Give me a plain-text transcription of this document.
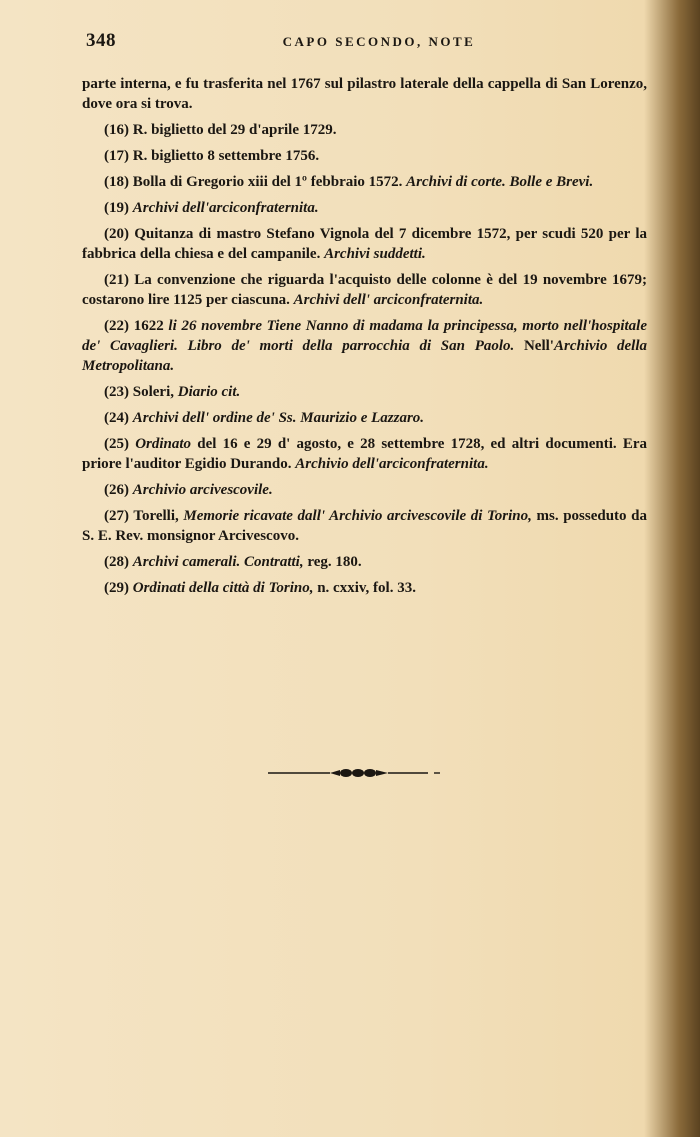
348	CAPO SECONDO, NOTE

parte interna, e fu trasferita nel 1767 sul pilastro laterale della cappella di San Lorenzo, dove ora si trova.

(16) R. biglietto del 29 d'aprile 1729.

(17) R. biglietto 8 settembre 1756.

(18) Bolla di Gregorio xiii del 1º febbraio 1572. Archivi di corte. Bolle e Brevi.

(19) Archivi dell'arciconfraternita.

(20) Quitanza di mastro Stefano Vignola del 7 dicembre 1572, per scudi 520 per la fabbrica della chiesa e del campanile. Archivi suddetti.

(21) La convenzione che riguarda l'acquisto delle colonne è del 19 novembre 1679; costarono lire 1125 per ciascuna. Archivi dell' arciconfraternita.

(22) 1622 li 26 novembre Tiene Nanno di madama la principessa, morto nell'hospitale de' Cavaglieri. Libro de' morti della parrocchia di San Paolo. Nell'Archivio della Metropolitana.

(23) Soleri, Diario cit.

(24) Archivi dell' ordine de' Ss. Maurizio e Lazzaro.

(25) Ordinato del 16 e 29 d' agosto, e 28 settembre 1728, ed altri documenti. Era priore l'auditor Egidio Durando. Archivio dell'arciconfraternita.

(26) Archivio arcivescovile.

(27) Torelli, Memorie ricavate dall' Archivio arcivescovile di Torino, ms. posseduto da S. E. Rev. monsignor Arcivescovo.

(28) Archivi camerali. Contratti, reg. 180.

(29) Ordinati della città di Torino, n. cxxiv, fol. 33.
